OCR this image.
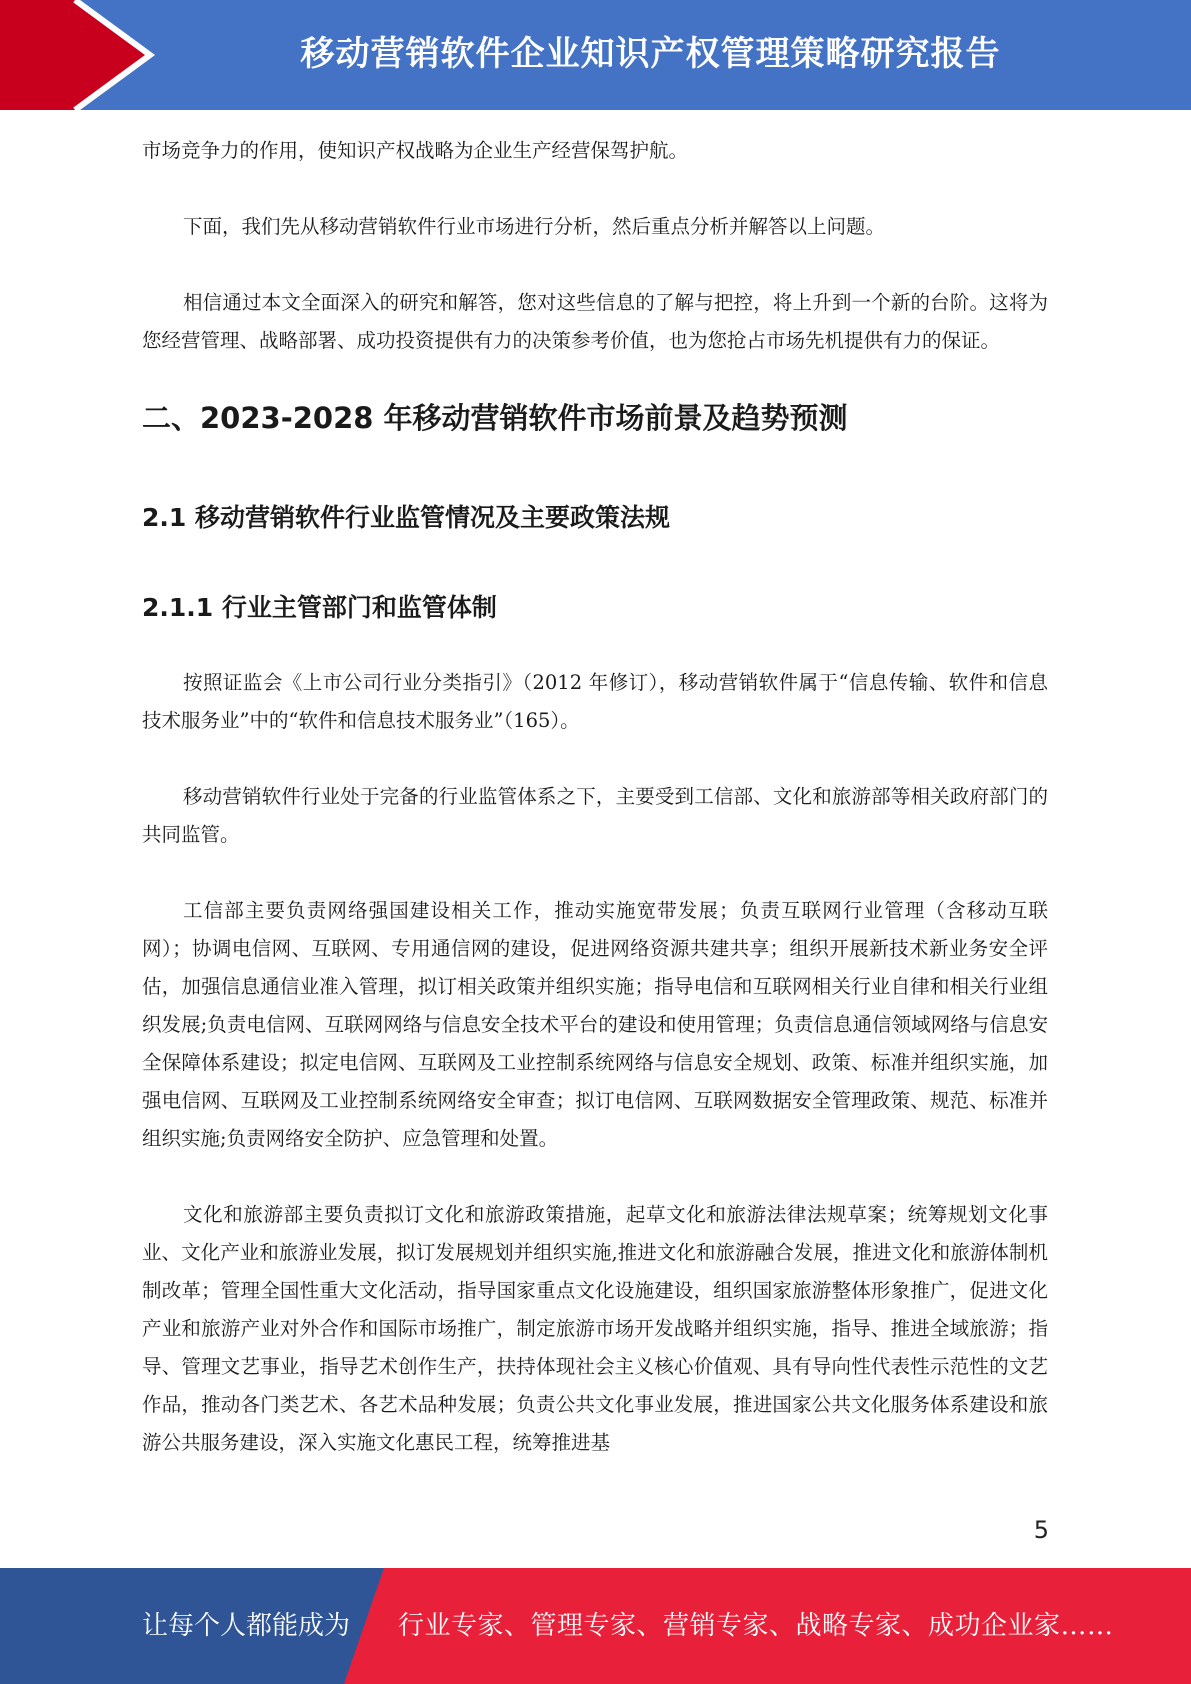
移动营销软件企业知识产权管理策略研究报告

市场竞争力的作用，使知识产权战略为企业生产经营保驾护航。

下面，我们先从移动营销软件行业市场进行分析，然后重点分析并解答以上问题。

相信通过本文全面深入的研究和解答，您对这些信息的了解与把控，将上升到一个新的台阶。这将为您经营管理、战略部署、成功投资提供有力的决策参考价值，也为您抢占市场先机提供有力的保证。

二、2023-2028 年移动营销软件市场前景及趋势预测
2.1 移动营销软件行业监管情况及主要政策法规
2.1.1 行业主管部门和监管体制

按照证监会《上市公司行业分类指引》（2012 年修订），移动营销软件属于“信息传输、软件和信息技术服务业”中的“软件和信息技术服务业”（165）。

移动营销软件行业处于完备的行业监管体系之下，主要受到工信部、文化和旅游部等相关政府部门的共同监管。

工信部主要负责网络强国建设相关工作，推动实施宽带发展；负责互联网行业管理（含移动互联网）；协调电信网、互联网、专用通信网的建设，促进网络资源共建共享；组织开展新技术新业务安全评估，加强信息通信业准入管理，拟订相关政策并组织实施；指导电信和互联网相关行业自律和相关行业组织发展;负责电信网、互联网网络与信息安全技术平台的建设和使用管理；负责信息通信领域网络与信息安全保障体系建设；拟定电信网、互联网及工业控制系统网络与信息安全规划、政策、标准并组织实施，加强电信网、互联网及工业控制系统网络安全审查；拟订电信网、互联网数据安全管理政策、规范、标准并组织实施;负责网络安全防护、应急管理和处置。

文化和旅游部主要负责拟订文化和旅游政策措施，起草文化和旅游法律法规草案；统筹规划文化事业、文化产业和旅游业发展，拟订发展规划并组织实施,推进文化和旅游融合发展，推进文化和旅游体制机制改革；管理全国性重大文化活动，指导国家重点文化设施建设，组织国家旅游整体形象推广，促进文化产业和旅游产业对外合作和国际市场推广，制定旅游市场开发战略并组织实施，指导、推进全域旅游；指导、管理文艺事业，指导艺术创作生产，扶持体现社会主义核心价值观、具有导向性代表性示范性的文艺作品，推动各门类艺术、各艺术品种发展；负责公共文化事业发展，推进国家公共文化服务体系建设和旅游公共服务建设，深入实施文化惠民工程，统筹推进基

5
让每个人都能成为 行业专家、管理专家、营销专家、战略专家、成功企业家……
